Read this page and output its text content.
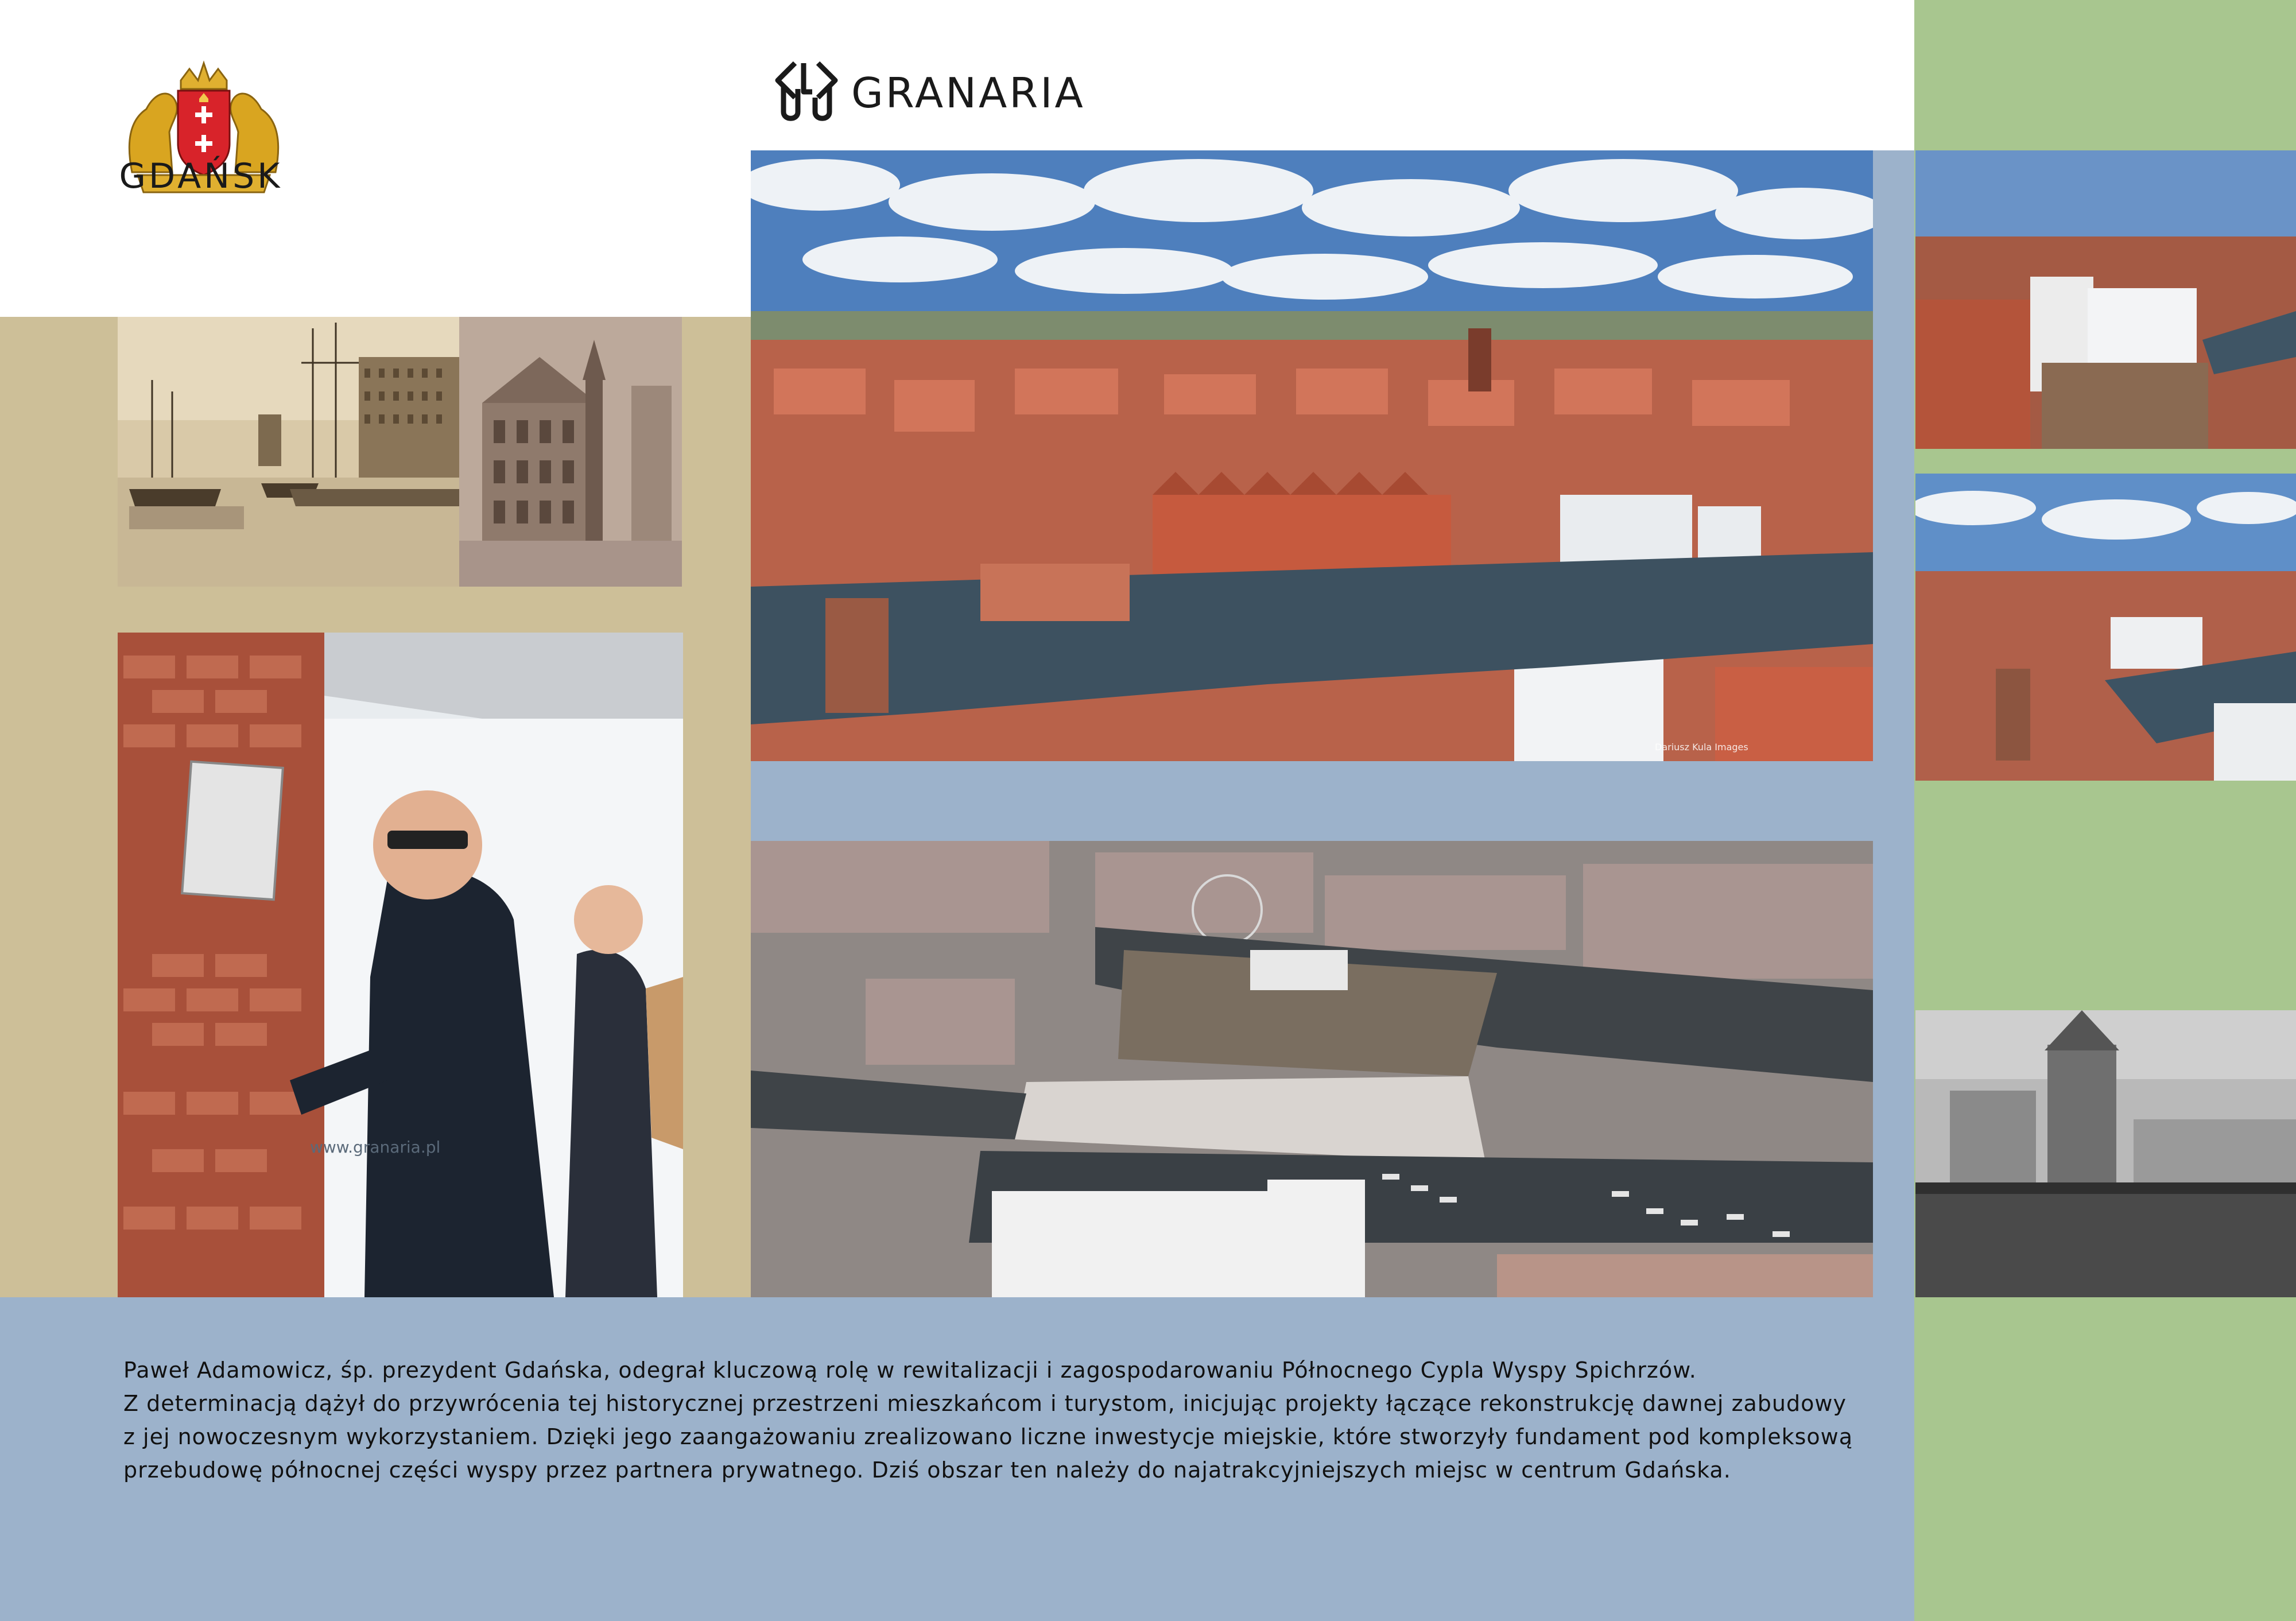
GDAŃSK
GRANARIA
www.granaria.pl
Dariusz Kula Images

Paweł Adamowicz, śp. prezydent Gdańska, odegrał kluczową rolę w rewitalizacji i zagospodarowaniu Północnego Cypla Wyspy Spichrzów.

Z determinacją dążył do przywrócenia tej historycznej przestrzeni mieszkańcom i turystom, inicjując projekty łączące rekonstrukcję dawnej zabudowy

z jej nowoczesnym wykorzystaniem. Dzięki jego zaangażowaniu zrealizowano liczne inwestycje miejskie, które stworzyły fundament pod kompleksową

przebudowę północnej części wyspy przez partnera prywatnego. Dziś obszar ten należy do najatrakcyjniejszych miejsc w centrum Gdańska.
